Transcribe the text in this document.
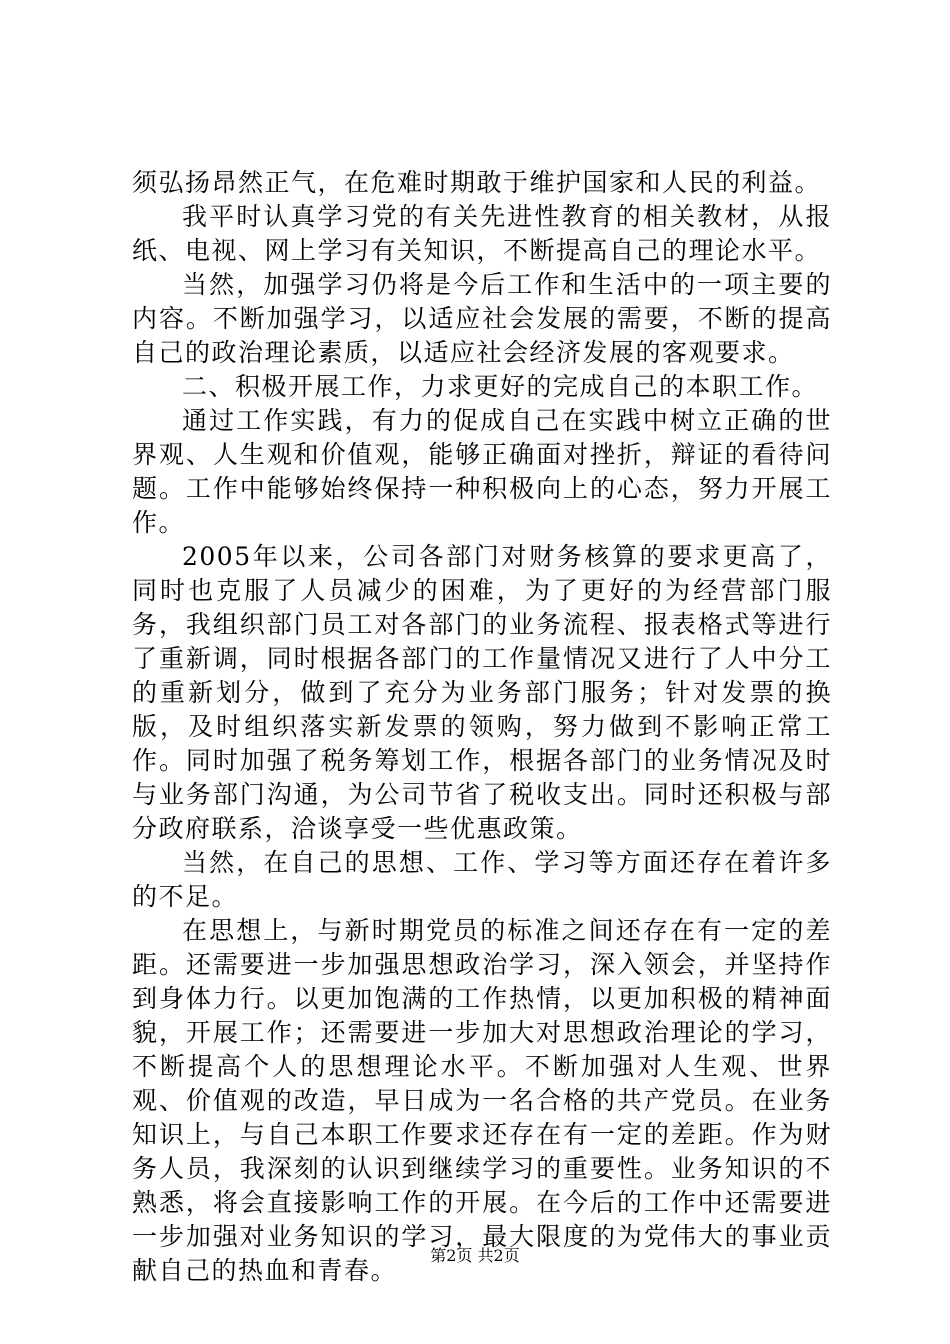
须弘扬昂然正气，在危难时期敢于维护国家和人民的利益。

我平时认真学习党的有关先进性教育的相关教材，从报纸、电视、网上学习有关知识，不断提高自己的理论水平。

当然，加强学习仍将是今后工作和生活中的一项主要的内容。不断加强学习，以适应社会发展的需要，不断的提高自己的政治理论素质，以适应社会经济发展的客观要求。

二、积极开展工作，力求更好的完成自己的本职工作。

通过工作实践，有力的促成自己在实践中树立正确的世界观、人生观和价值观，能够正确面对挫折，辩证的看待问题。工作中能够始终保持一种积极向上的心态，努力开展工作。

2005年以来，公司各部门对财务核算的要求更高了，同时也克服了人员减少的困难，为了更好的为经营部门服务，我组织部门员工对各部门的业务流程、报表格式等进行了重新调，同时根据各部门的工作量情况又进行了人中分工的重新划分，做到了充分为业务部门服务；针对发票的换版，及时组织落实新发票的领购，努力做到不影响正常工作。同时加强了税务筹划工作，根据各部门的业务情况及时与业务部门沟通，为公司节省了税收支出。同时还积极与部分政府联系，洽谈享受一些优惠政策。

当然，在自己的思想、工作、学习等方面还存在着许多的不足。

在思想上，与新时期党员的标准之间还存在有一定的差距。还需要进一步加强思想政治学习，深入领会，并坚持作到身体力行。以更加饱满的工作热情，以更加积极的精神面貌，开展工作；还需要进一步加大对思想政治理论的学习，不断提高个人的思想理论水平。不断加强对人生观、世界观、价值观的改造，早日成为一名合格的共产党员。在业务知识上，与自己本职工作要求还存在有一定的差距。作为财务人员，我深刻的认识到继续学习的重要性。业务知识的不熟悉，将会直接影响工作的开展。在今后的工作中还需要进一步加强对业务知识的学习，最大限度的为党伟大的事业贡献自己的热血和青春。

第2页 共2页
